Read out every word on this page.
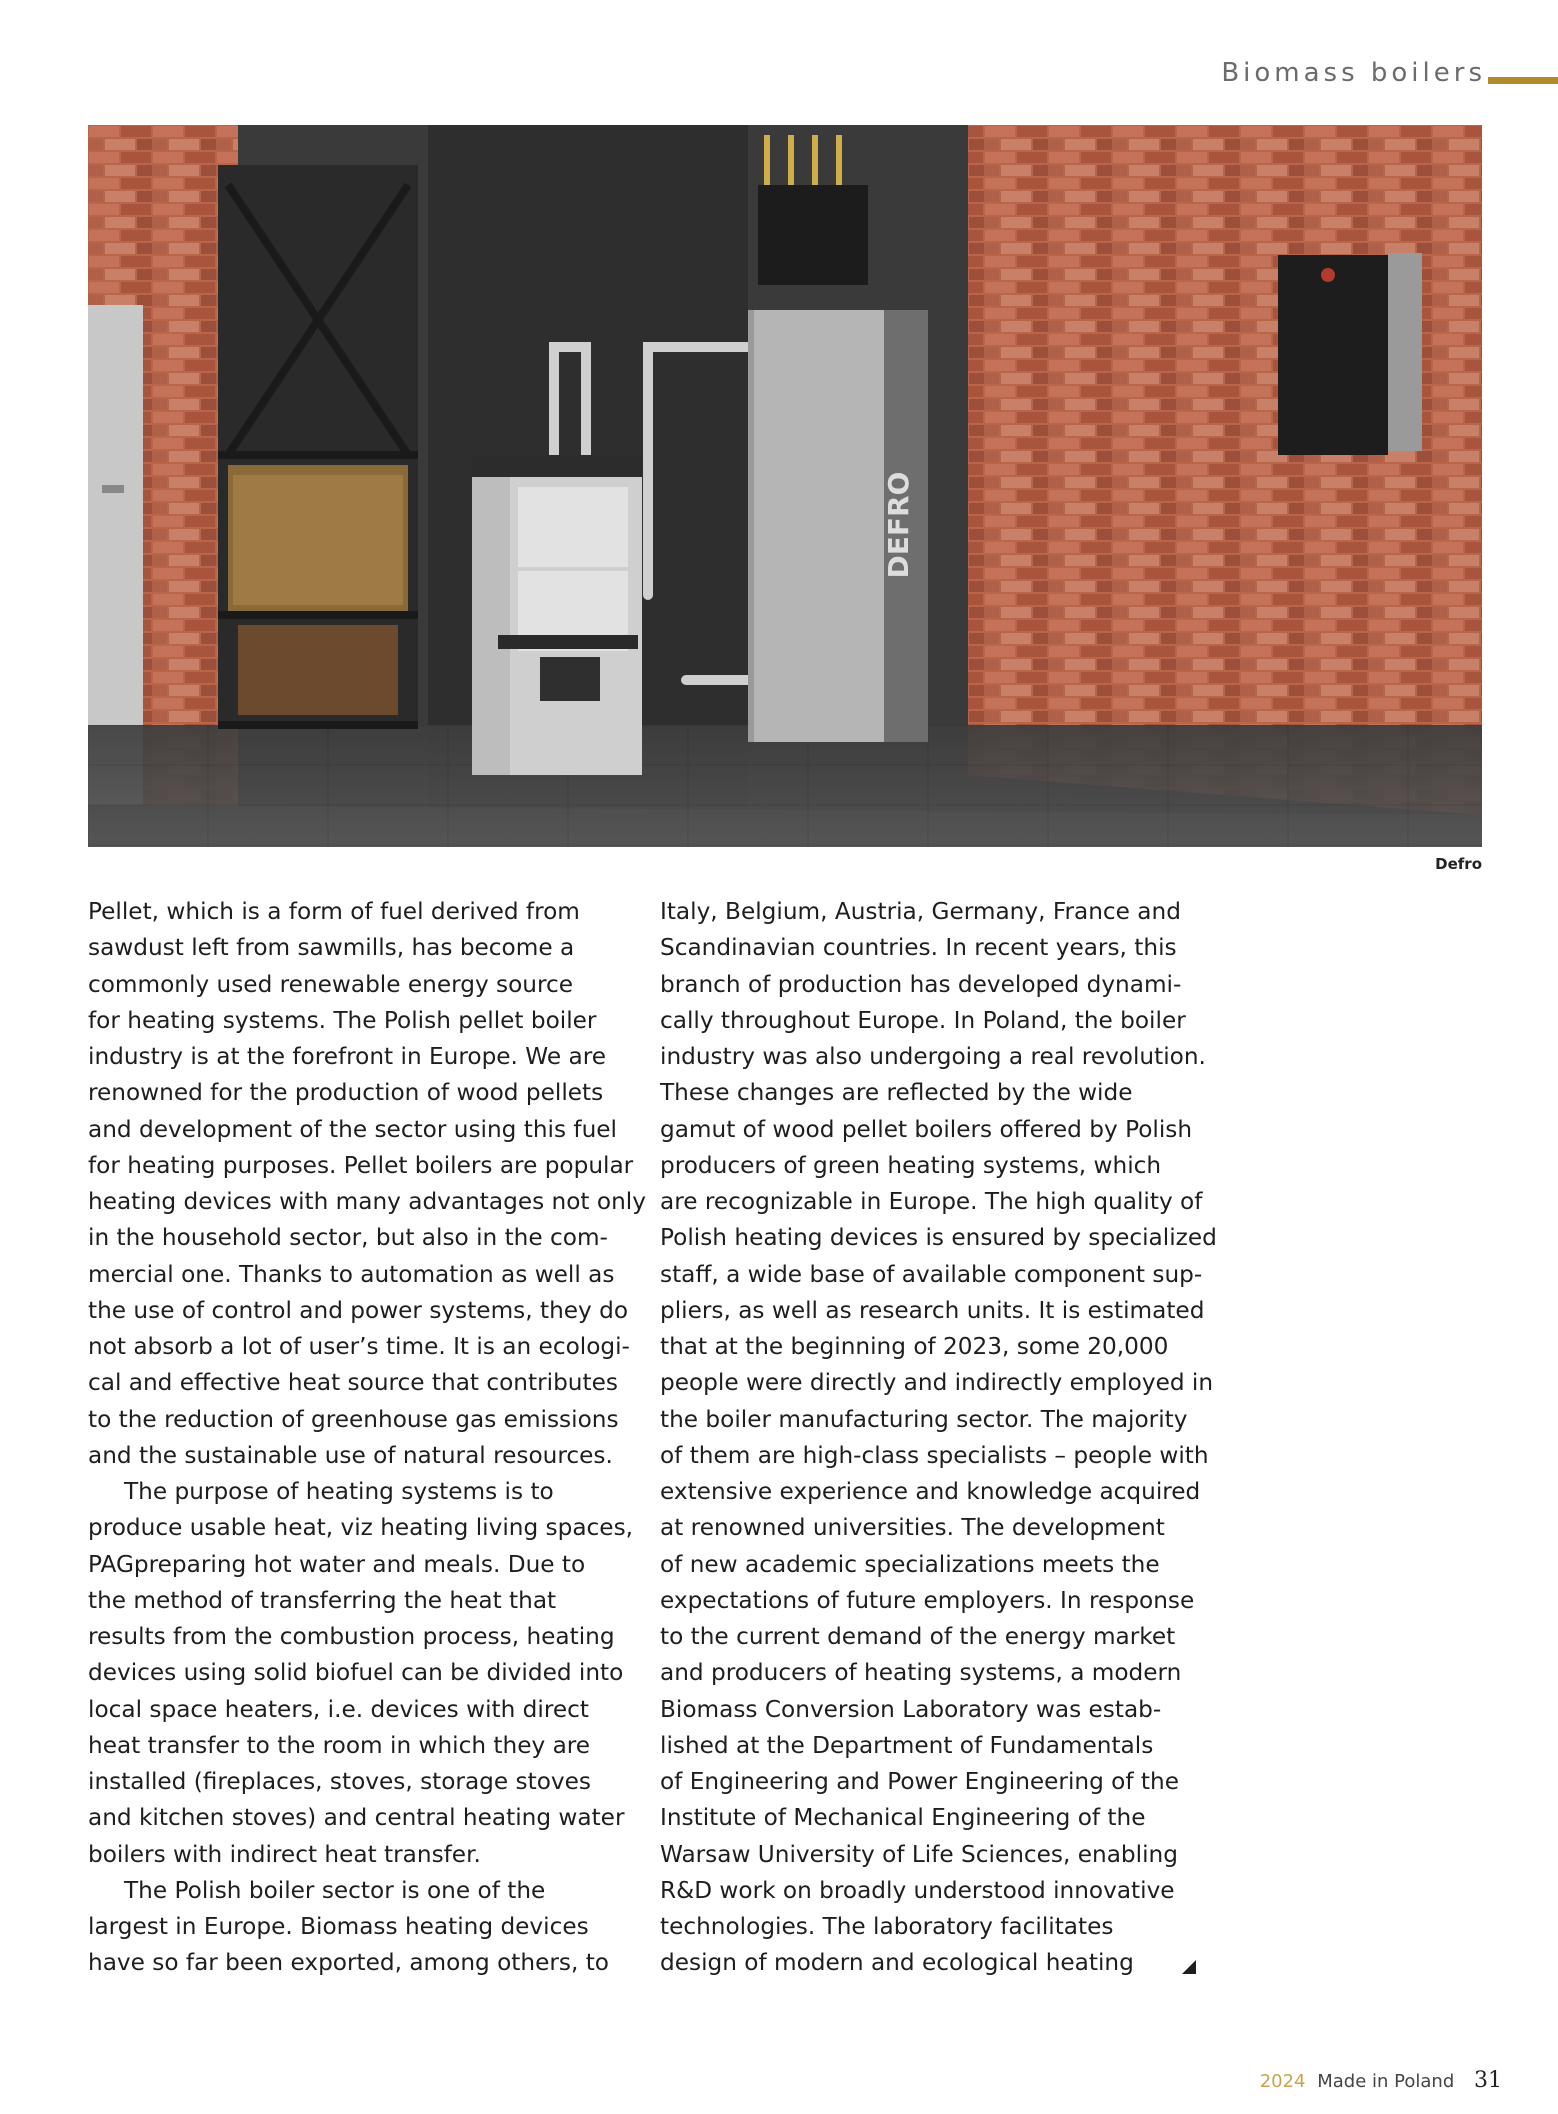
Biomass boilers
DEFRO
Defro

Pellet, which is a form of fuel derived from

sawdust left from sawmills, has become a

commonly used renewable energy source

for heating systems. The Polish pellet boiler

industry is at the forefront in Europe. We are

renowned for the production of wood pellets

and development of the sector using this fuel

for heating purposes. Pellet boilers are popular

heating devices with many advantages not only

in the household sector, but also in the com-

mercial one. Thanks to automation as well as

the use of control and power systems, they do

not absorb a lot of user’s time. It is an ecologi-

cal and effective heat source that contributes

to the reduction of greenhouse gas emissions

and the sustainable use of natural resources.

The purpose of heating systems is to

produce usable heat, viz heating living spaces,

PAGpreparing hot water and meals. Due to

the method of transferring the heat that

results from the combustion process, heating

devices using solid biofuel can be divided into

local space heaters, i.e. devices with direct

heat transfer to the room in which they are

installed (fireplaces, stoves, storage stoves

and kitchen stoves) and central heating water

boilers with indirect heat transfer.

The Polish boiler sector is one of the

largest in Europe. Biomass heating devices

have so far been exported, among others, to

Italy, Belgium, Austria, Germany, France and

Scandinavian countries. In recent years, this

branch of production has developed dynami-

cally throughout Europe. In Poland, the boiler

industry was also undergoing a real revolution.

These changes are reflected by the wide

gamut of wood pellet boilers offered by Polish

producers of green heating systems, which

are recognizable in Europe. The high quality of

Polish heating devices is ensured by specialized

staff, a wide base of available component sup-

pliers, as well as research units. It is estimated

that at the beginning of 2023, some 20,000

people were directly and indirectly employed in

the boiler manufacturing sector. The majority

of them are high-class specialists – people with

extensive experience and knowledge acquired

at renowned universities. The development

of new academic specializations meets the

expectations of future employers. In response

to the current demand of the energy market

and producers of heating systems, a modern

Biomass Conversion Laboratory was estab-

lished at the Department of Fundamentals

of Engineering and Power Engineering of the

Institute of Mechanical Engineering of the

Warsaw University of Life Sciences, enabling

R&D work on broadly understood innovative

technologies. The laboratory facilitates

design of modern and ecological heating

2024 Made in Poland 31
